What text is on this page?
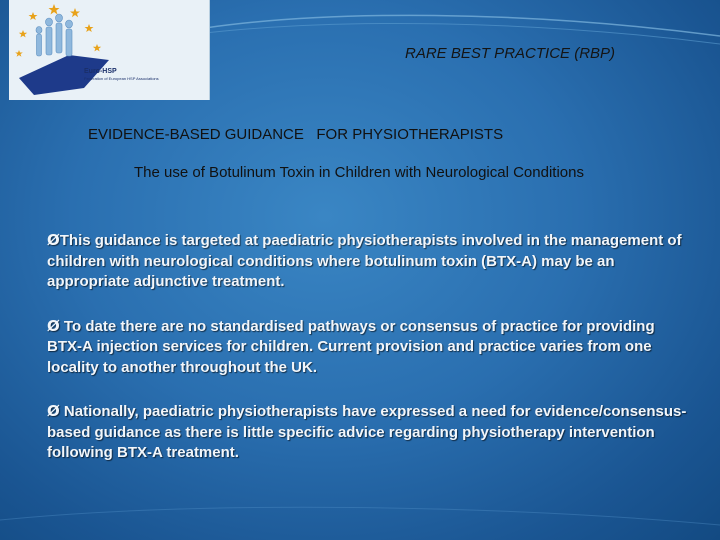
Euro-HSP
Federation of European HSP Associations
RARE BEST PRACTICE (RBP)
EVIDENCE-BASED GUIDANCE   FOR PHYSIOTHERAPISTS
The use of Botulinum Toxin in Children with Neurological Conditions
ØThis guidance is targeted at paediatric physiotherapists involved in the management of children with neurological conditions where botulinum toxin (BTX-A) may be an appropriate adjunctive treatment.
Ø To date there are no standardised pathways or consensus of practice for providing BTX-A injection services for children. Current provision and practice varies from one locality to another throughout the UK.
Ø Nationally, paediatric physiotherapists have expressed a need for evidence/consensus-based guidance as there is little specific advice regarding physiotherapy intervention following BTX-A treatment.
